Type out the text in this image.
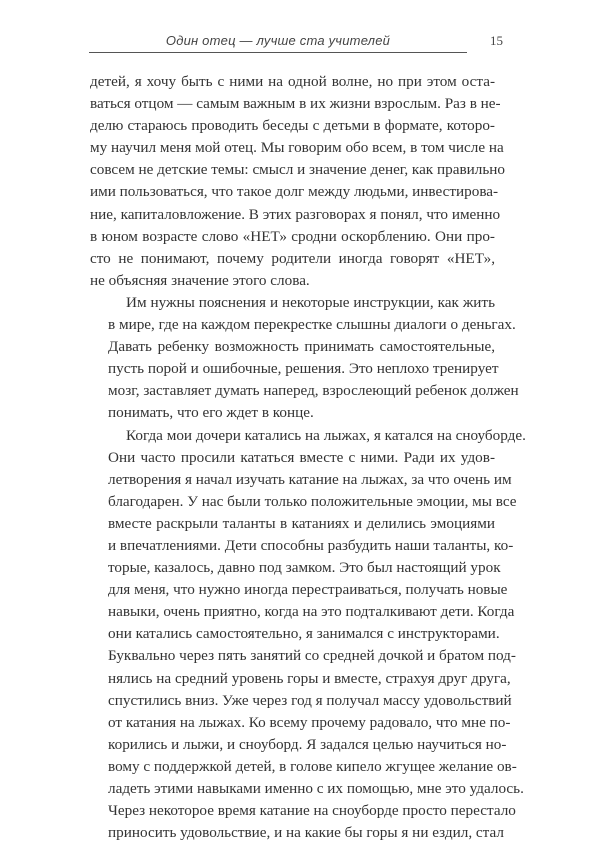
Один отец — лучше ста учителей	15

детей, я хочу быть с ними на одной волне, но при этом оста-
ваться отцом — самым важным в их жизни взрослым. Раз в не-
делю стараюсь проводить беседы с детьми в формате, которо-
му научил меня мой отец. Мы говорим обо всем, в том числе на
совсем не детские темы: смысл и значение денег, как правильно
ими пользоваться, что такое долг между людьми, инвестирова-
ние, капиталовложение. В этих разговорах я понял, что именно
в юном возрасте слово «НЕТ» сродни оскорблению. Они про-
сто не понимают, почему родители иногда говорят «НЕТ»,
не объясняя значение этого слова.

Им нужны пояснения и некоторые инструкции, как жить
в мире, где на каждом перекрестке слышны диалоги о деньгах.
Давать ребенку возможность принимать самостоятельные,
пусть порой и ошибочные, решения. Это неплохо тренирует
мозг, заставляет думать наперед, взрослеющий ребенок должен
понимать, что его ждет в конце.

Когда мои дочери катались на лыжах, я катался на сноуборде.
Они часто просили кататься вместе с ними. Ради их удов-
летворения я начал изучать катание на лыжах, за что очень им
благодарен. У нас были только положительные эмоции, мы все
вместе раскрыли таланты в катаниях и делились эмоциями
и впечатлениями. Дети способны разбудить наши таланты, ко-
торые, казалось, давно под замком. Это был настоящий урок
для меня, что нужно иногда перестраиваться, получать новые
навыки, очень приятно, когда на это подталкивают дети. Когда
они катались самостоятельно, я занимался с инструкторами.
Буквально через пять занятий со средней дочкой и братом под-
нялись на средний уровень горы и вместе, страхуя друг друга,
спустились вниз. Уже через год я получал массу удовольствий
от катания на лыжах. Ко всему прочему радовало, что мне по-
корились и лыжи, и сноуборд. Я задался целью научиться но-
вому с поддержкой детей, в голове кипело жгущее желание ов-
ладеть этими навыками именно с их помощью, мне это удалось.
Через некоторое время катание на сноуборде просто перестало
приносить удовольствие, и на какие бы горы я ни ездил, стал
